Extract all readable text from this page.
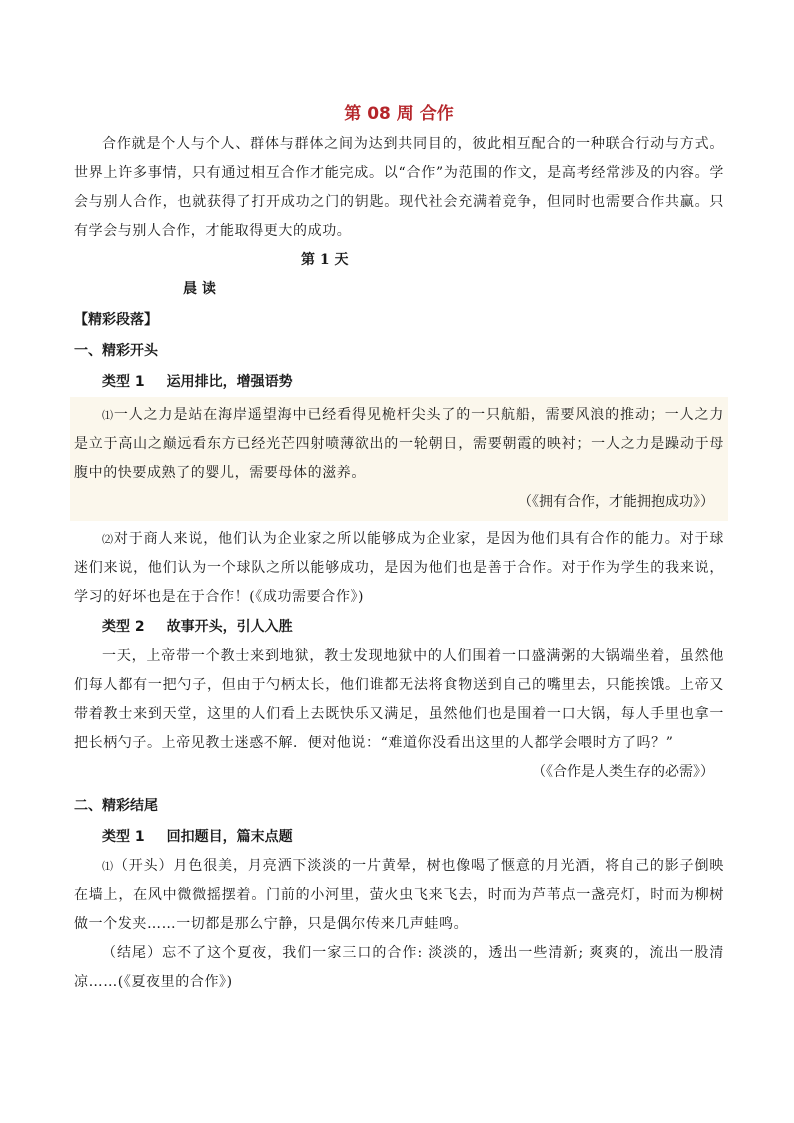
第 08 周 合作

合作就是个人与个人、群体与群体之间为达到共同目的，彼此相互配合的一种联合行动与方式。世界上许多事情，只有通过相互合作才能完成。以“合作”为范围的作文，是高考经常涉及的内容。学会与别人合作，也就获得了打开成功之门的钥匙。现代社会充满着竞争，但同时也需要合作共赢。只有学会与别人合作，才能取得更大的成功。

第 1 天
晨 读
【精彩段落】
一、精彩开头
类型 1 运用排比，增强语势

⑴一人之力是站在海岸遥望海中已经看得见桅杆尖头了的一只航船，需要风浪的推动；一人之力是立于高山之巅远看东方已经光芒四射喷薄欲出的一轮朝日，需要朝霞的映衬；一人之力是躁动于母腹中的快要成熟了的婴儿，需要母体的滋养。

（《拥有合作，才能拥抱成功》）

⑵对于商人来说，他们认为企业家之所以能够成为企业家，是因为他们具有合作的能力。对于球迷们来说，他们认为一个球队之所以能够成功，是因为他们也是善于合作。对于作为学生的我来说，学习的好坏也是在于合作！(《成功需要合作》)

类型 2 故事开头，引人入胜

一天，上帝带一个教士来到地狱，教士发现地狱中的人们围着一口盛满粥的大锅端坐着，虽然他们每人都有一把勺子，但由于勺柄太长，他们谁都无法将食物送到自己的嘴里去，只能挨饿。上帝又带着教士来到天堂，这里的人们看上去既快乐又满足，虽然他们也是围着一口大锅，每人手里也拿一把长柄勺子。上帝见教士迷惑不解．便对他说：“难道你没看出这里的人都学会喂时方了吗？”

（《合作是人类生存的必需》）
二、精彩结尾
类型 1 回扣题目，篇末点题

⑴（开头）月色很美，月亮洒下淡淡的一片黄晕，树也像喝了惬意的月光酒，将自己的影子倒映在墙上，在风中微微摇摆着。门前的小河里，萤火虫飞来飞去，时而为芦苇点一盏亮灯，时而为柳树做一个发夹……一切都是那么宁静，只是偶尔传来几声蛙鸣。

（结尾）忘不了这个夏夜，我们一家三口的合作: 淡淡的，透出一些清新; 爽爽的，流出一股清凉……(《夏夜里的合作》)
